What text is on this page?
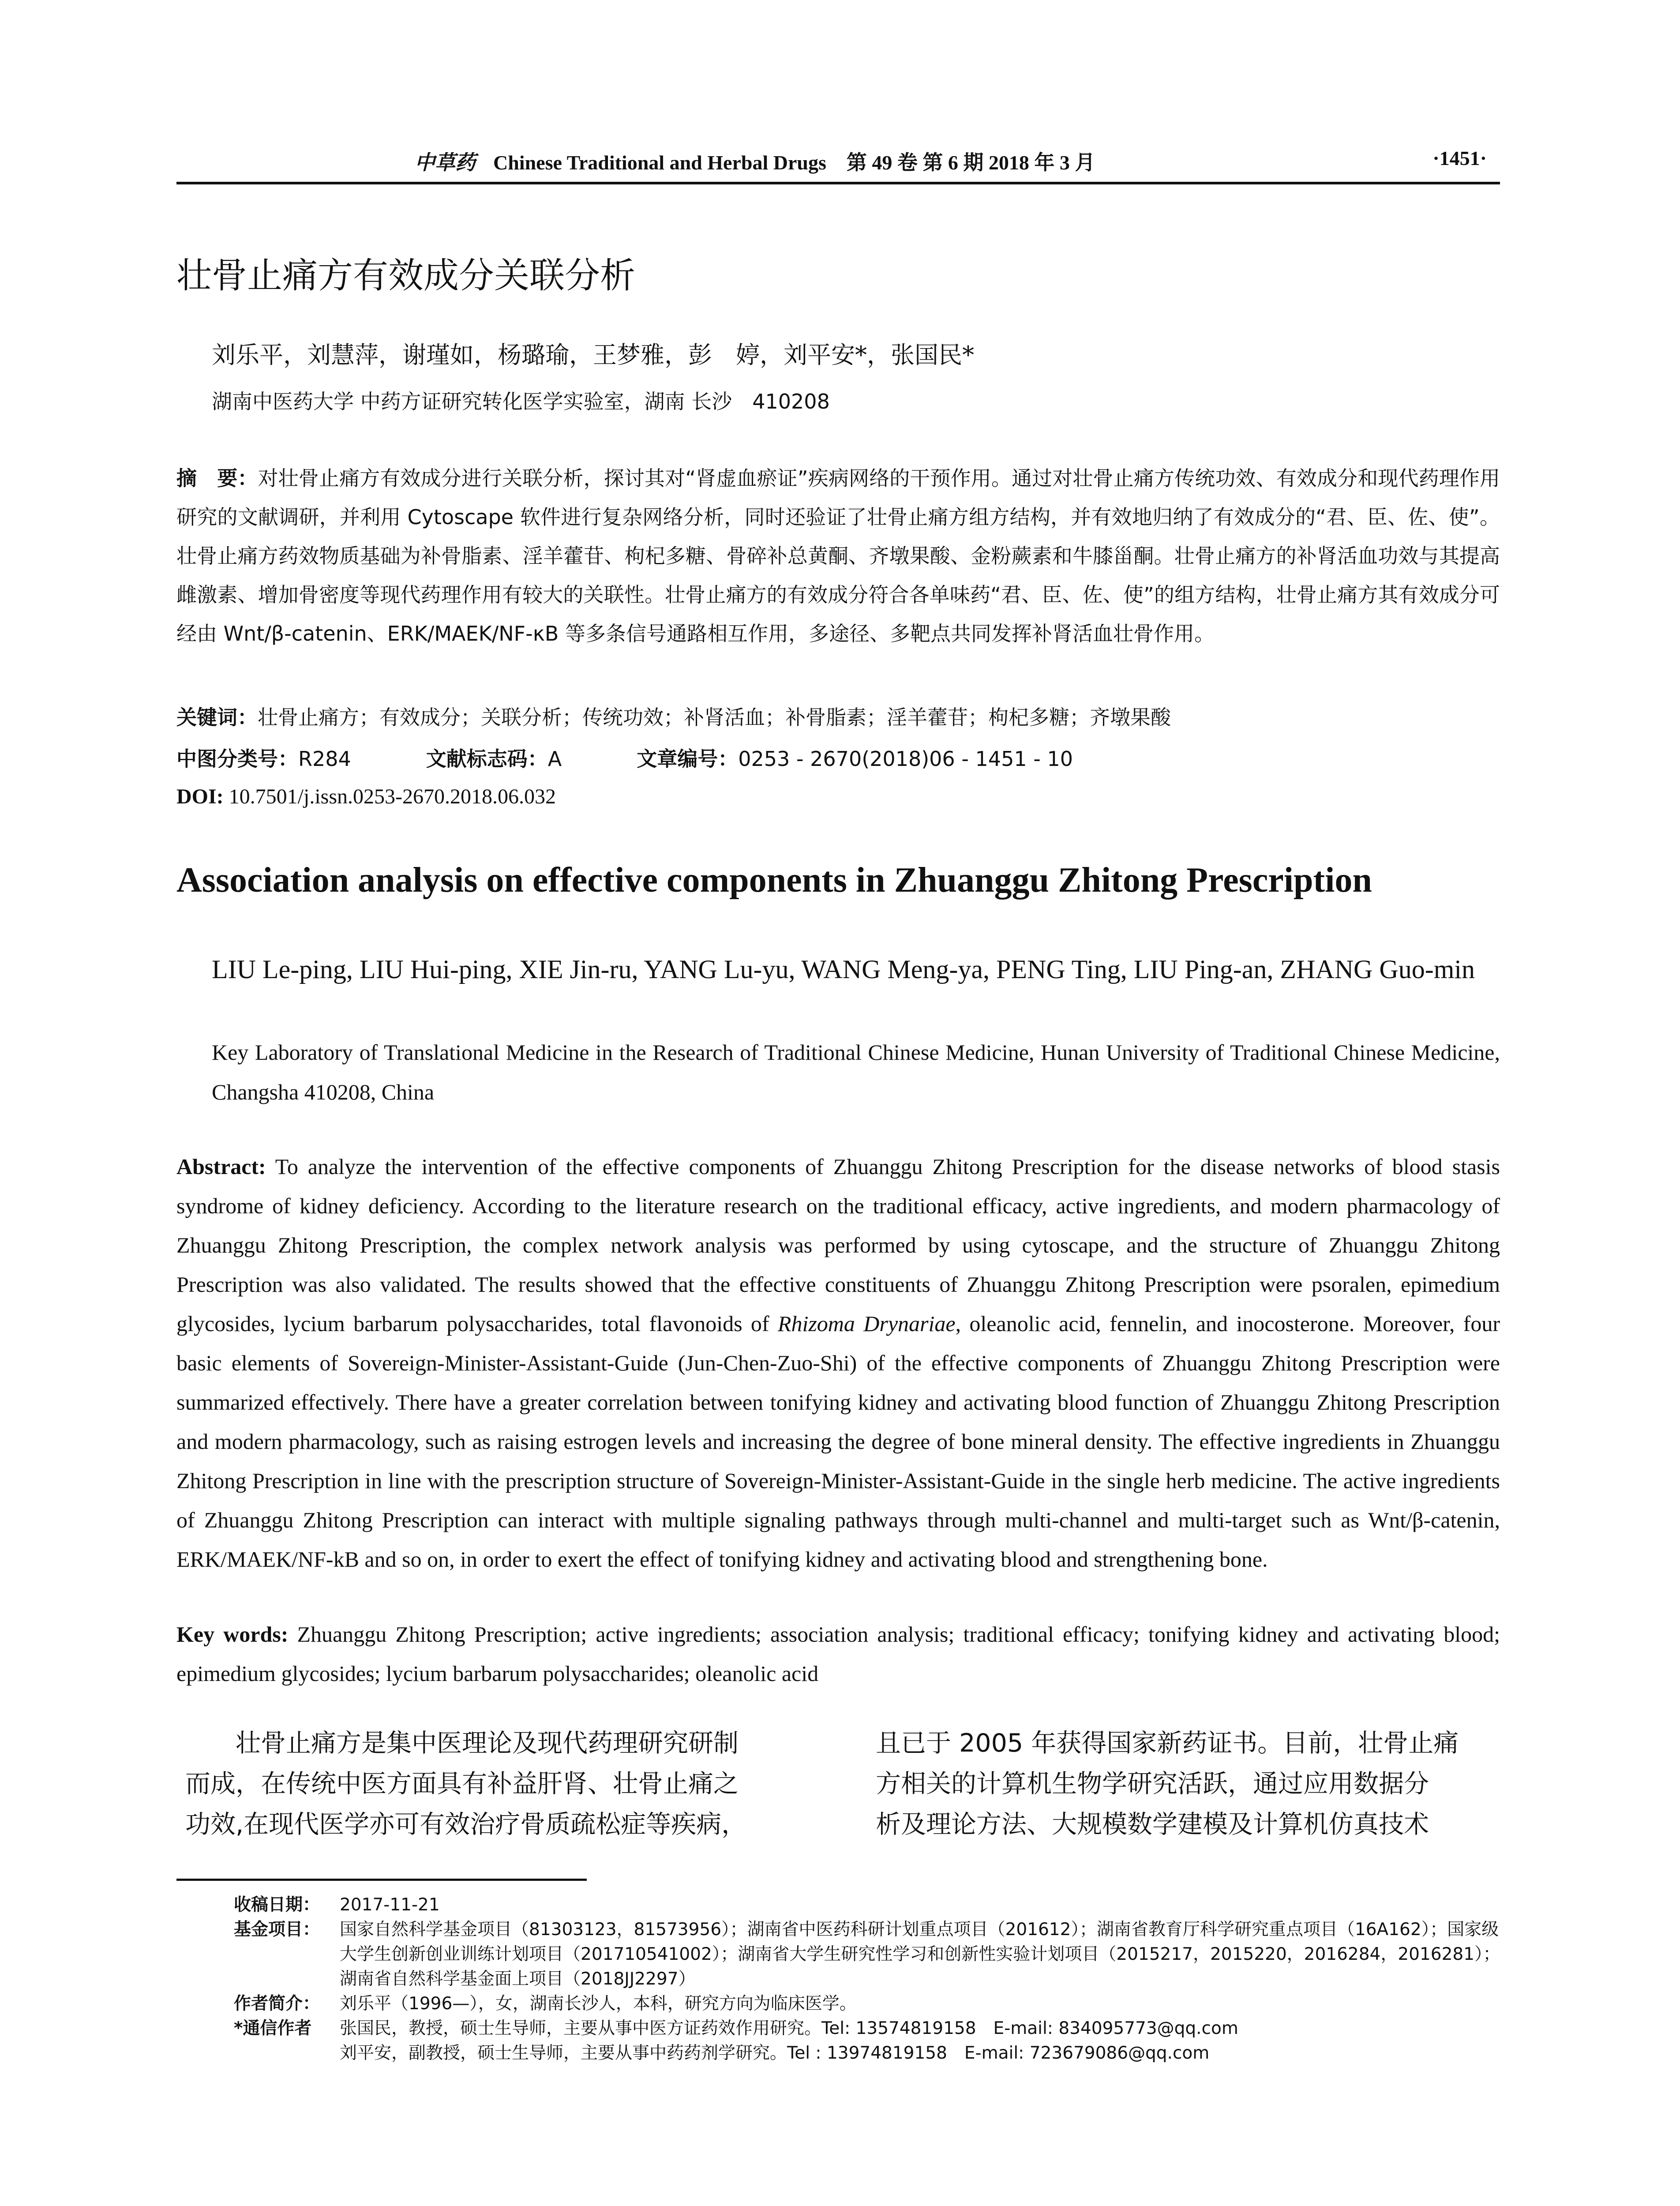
中草药 Chinese Traditional and Herbal Drugs　第 49 卷 第 6 期 2018 年 3 月	·1451·
壮骨止痛方有效成分关联分析
刘乐平，刘慧萍，谢瑾如，杨璐瑜，王梦雅，彭　婷，刘平安*，张国民*
湖南中医药大学 中药方证研究转化医学实验室，湖南 长沙　410208
摘　要：对壮骨止痛方有效成分进行关联分析，探讨其对“肾虚血瘀证”疾病网络的干预作用。通过对壮骨止痛方传统功效、有效成分和现代药理作用研究的文献调研，并利用 Cytoscape 软件进行复杂网络分析，同时还验证了壮骨止痛方组方结构，并有效地归纳了有效成分的“君、臣、佐、使”。壮骨止痛方药效物质基础为补骨脂素、淫羊藿苷、枸杞多糖、骨碎补总黄酮、齐墩果酸、金粉蕨素和牛膝甾酮。壮骨止痛方的补肾活血功效与其提高雌激素、增加骨密度等现代药理作用有较大的关联性。壮骨止痛方的有效成分符合各单味药“君、臣、佐、使”的组方结构，壮骨止痛方其有效成分可经由 Wnt/β-catenin、ERK/MAEK/NF-κB 等多条信号通路相互作用，多途径、多靶点共同发挥补肾活血壮骨作用。
关键词：壮骨止痛方；有效成分；关联分析；传统功效；补肾活血；补骨脂素；淫羊藿苷；枸杞多糖；齐墩果酸
中图分类号：R284	文献标志码：A	文章编号：0253 - 2670(2018)06 - 1451 - 10
DOI: 10.7501/j.issn.0253-2670.2018.06.032
Association analysis on effective components in Zhuanggu Zhitong Prescription
LIU Le-ping, LIU Hui-ping, XIE Jin-ru, YANG Lu-yu, WANG Meng-ya, PENG Ting, LIU Ping-an, ZHANG Guo-min
Key Laboratory of Translational Medicine in the Research of Traditional Chinese Medicine, Hunan University of Traditional Chinese Medicine, Changsha 410208, China
Abstract: To analyze the intervention of the effective components of Zhuanggu Zhitong Prescription for the disease networks of blood stasis syndrome of kidney deficiency. According to the literature research on the traditional efficacy, active ingredients, and modern pharmacology of Zhuanggu Zhitong Prescription, the complex network analysis was performed by using cytoscape, and the structure of Zhuanggu Zhitong Prescription was also validated. The results showed that the effective constituents of Zhuanggu Zhitong Prescription were psoralen, epimedium glycosides, lycium barbarum polysaccharides, total flavonoids of Rhizoma Drynariae, oleanolic acid, fennelin, and inocosterone. Moreover, four basic elements of Sovereign-Minister-Assistant-Guide (Jun-Chen-Zuo-Shi) of the effective components of Zhuanggu Zhitong Prescription were summarized effectively. There have a greater correlation between tonifying kidney and activating blood function of Zhuanggu Zhitong Prescription and modern pharmacology, such as raising estrogen levels and increasing the degree of bone mineral density. The effective ingredients in Zhuanggu Zhitong Prescription in line with the prescription structure of Sovereign-Minister-Assistant-Guide in the single herb medicine. The active ingredients of Zhuanggu Zhitong Prescription can interact with multiple signaling pathways through multi-channel and multi-target such as Wnt/β-catenin, ERK/MAEK/NF-kB and so on, in order to exert the effect of tonifying kidney and activating blood and strengthening bone.
Key words: Zhuanggu Zhitong Prescription; active ingredients; association analysis; traditional efficacy; tonifying kidney and activating blood; epimedium glycosides; lycium barbarum polysaccharides; oleanolic acid
壮骨止痛方是集中医理论及现代药理研究研制
而成，在传统中医方面具有补益肝肾、壮骨止痛之
功效,在现代医学亦可有效治疗骨质疏松症等疾病，
且已于 2005 年获得国家新药证书。目前，壮骨止痛
方相关的计算机生物学研究活跃，通过应用数据分
析及理论方法、大规模数学建模及计算机仿真技术
收稿日期：	2017-11-21
基金项目：	国家自然科学基金项目（81303123，81573956）；湖南省中医药科研计划重点项目（201612）；湖南省教育厅科学研究重点项目（16A162）；国家级大学生创新创业训练计划项目（201710541002）；湖南省大学生研究性学习和创新性实验计划项目（2015217，2015220，2016284，2016281）；湖南省自然科学基金面上项目（2018JJ2297）
作者简介：	刘乐平（1996—），女，湖南长沙人，本科，研究方向为临床医学。
*通信作者	张国民，教授，硕士生导师，主要从事中医方证药效作用研究。Tel: 13574819158　E-mail: 834095773@qq.com
刘平安，副教授，硕士生导师，主要从事中药药剂学研究。Tel : 13974819158　E-mail: 723679086@qq.com
